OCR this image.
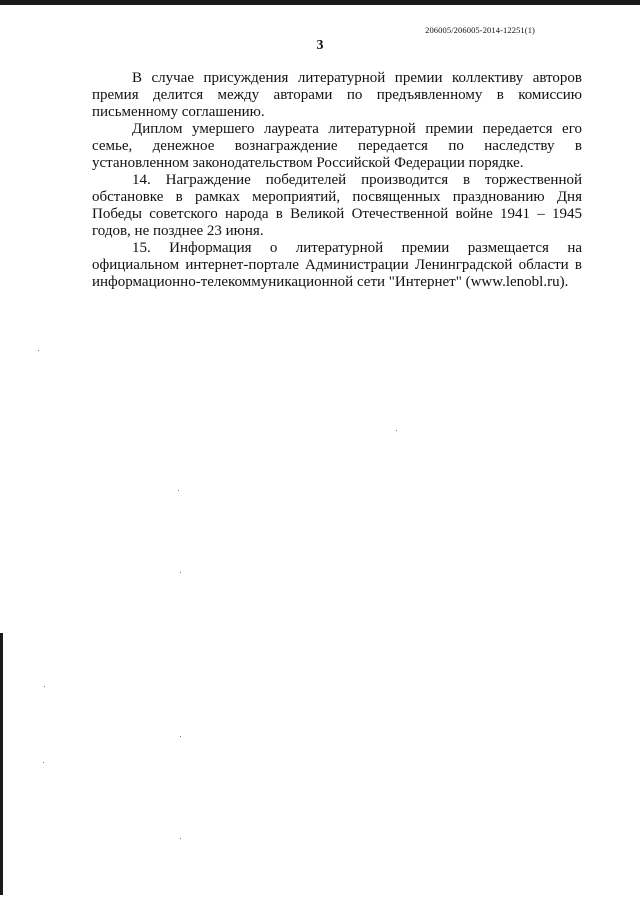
206005/206005-2014-12251(1)
3

В случае присуждения литературной премии коллективу авторов премия делится между авторами по предъявленному в комиссию письменному соглашению.

Диплом умершего лауреата литературной премии передается его семье, денежное вознаграждение передается по наследству в установленном законодательством Российской Федерации порядке.

14. Награждение победителей производится в торжественной обстановке в рамках мероприятий, посвященных празднованию Дня Победы советского народа в Великой Отечественной войне 1941 – 1945 годов, не позднее 23 июня.

15. Информация о литературной премии размещается на официальном интернет-портале Администрации Ленинградской области в информационно-телекоммуникационной сети "Интернет" (www.lenobl.ru).
